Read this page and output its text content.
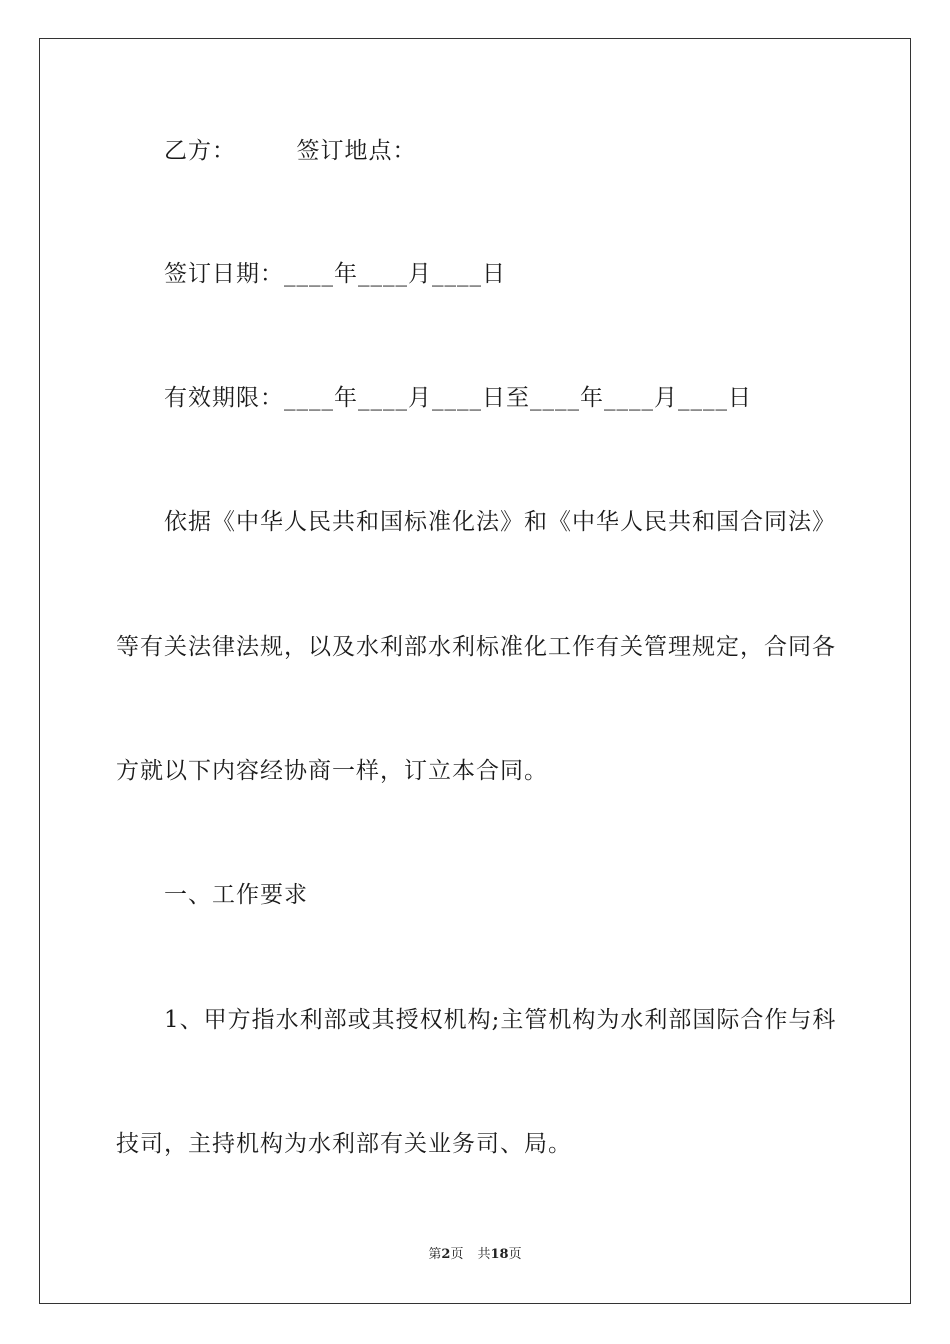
乙方：　　　签订地点：
签订日期：____年____月____日
有效期限：____年____月____日至____年____月____日
依据《中华人民共和国标准化法》和《中华人民共和国合同法》
等有关法律法规，以及水利部水利标准化工作有关管理规定，合同各
方就以下内容经协商一样，订立本合同。
一、工作要求
1、甲方指水利部或其授权机构;主管机构为水利部国际合作与科
技司，主持机构为水利部有关业务司、局。
第2页 共18页
